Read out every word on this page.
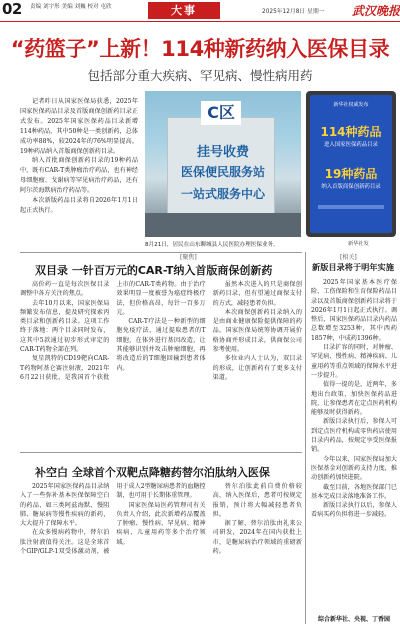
02 责编 刘宇彤 美编 刘巍 校对 屯欣	大事	2025年12月8日 星期一 武汉晚报
“药篮子”上新！114种新药纳入医保目录
包括部分重大疾病、罕见病、慢性病用药

记者昨日从国家医保局获悉，2025年国家医保药品目录及首版商保创新药目录正式发布。2025年国家医保药品目录新增114种药品，其中50种是一类创新药，总体成功率88%，较2024年的76%明显提高。19种药品纳入首版商保创新药目录。

纳入首批商保创新药目录的19种药品中，既有CAR-T类肿瘤治疗药品，也有神经母细胞瘤、戈谢病等罕见病治疗药品，还有阿尔茨海默病治疗药品等。

本次新版药品目录将自2026年1月1日起正式执行。

C区
挂号收费
医保便民服务站
一站式服务中心
8月21日，居民在山东聊城县人民医院办理医保业务。
新华社权威发布
114种药品
进入国家医保药品目录
19种药品
纳入首版商保创新药目录
新华社发
[聚焦]
双目录 一针百万元的CAR-T纳入首版商保创新药

高价药一直是每次医保目录调整中各方关注的焦点。

去年10月以来，国家医保局频繁发布信息，提及研究探索丙类目录和创新药目录。这项工作终于落地：两个目录同时发布，这其中5款通过初步形式审定的CAR-T药物全部在列。

复星凯特的CD19靶向CAR-T药物阿基仑赛注射液，2021年6月22日获批，是我国首个获批上市的CAR-T类药物。由于治疗效果明显一度被誉为癌症终极疗法，但价格高昂，每针一百多万元。

CAR-T疗法是一种新型的细胞免疫疗法，通过提取患者的T细胞，在体外进行基因改造，让其能够识别并攻击肿瘤细胞，再将改造后的T细胞回输到患者体内。

虽然本次进入的只是商保创新药目录，但有望通过商保支付的方式，减轻患者负担。

本次商保创新药目录纳入的是由商业健康保险提供保障的药品，国家医保局统筹协调开展价格协商并形成目录，供商保公司参考使用。

多位业内人士认为，双目录的形成，让创新药有了更多支付渠道。

补空白 全球首个双靶点降糖药替尔泊肽纳入医保

2025年国家医保药品目录纳入了一些弥补基本医保保障空白的药品，如三类阿兹海默、慢阻肺、糖尿病等慢性疾病的新药，大大提升了保障水平。

在众多慢病药物中，替尔泊肽注射液值得关注。这是全球首个GIP/GLP-1双受体激动剂，被用于成人2型糖尿病患者的血糖控制，也可用于长期体重管理。

国家医保局医药管理司有关负责人介绍，此次新增药品覆盖了肿瘤、慢性病、罕见病、精神疾病、儿童用药等多个治疗领域。

替尔泊肽此前自费价格较高，纳入医保后，患者可按规定报销，预计将大幅减轻患者负担。

据了解，替尔泊肽由礼来公司研发，2024年在国内获批上市，是糖尿病治疗领域的重磅新药。

[相关]
新版目录将于明年实施

2025年国家基本医疗保险、工伤保险和生育保险药品目录以及首版商保创新药目录将于2026年1月1日起正式执行。调整后，国家医保药品目录内药品总数增至3253种，其中西药1857种，中成药1396种。

目录扩容的同时，对肿瘤、罕见病、慢性病、精神疾病、儿童用药等重点领域的保障水平进一步提升。

值得一提的是，近两年，多地出台政策，加快医保药品进院，让参保患者在定点医药机构能够及时获得新药。

新版目录执行后，参保人可到定点医疗机构或零售药店使用目录内药品，按规定享受医保报销。

今年以来，国家医保局加大医保基金对创新药支持力度，推动创新药加快进院。

截至目前，各地医保部门已基本完成目录落地准备工作。

新版目录执行以后，参保人看病买药负担将进一步减轻。

综合新华社、央视、丁香园
